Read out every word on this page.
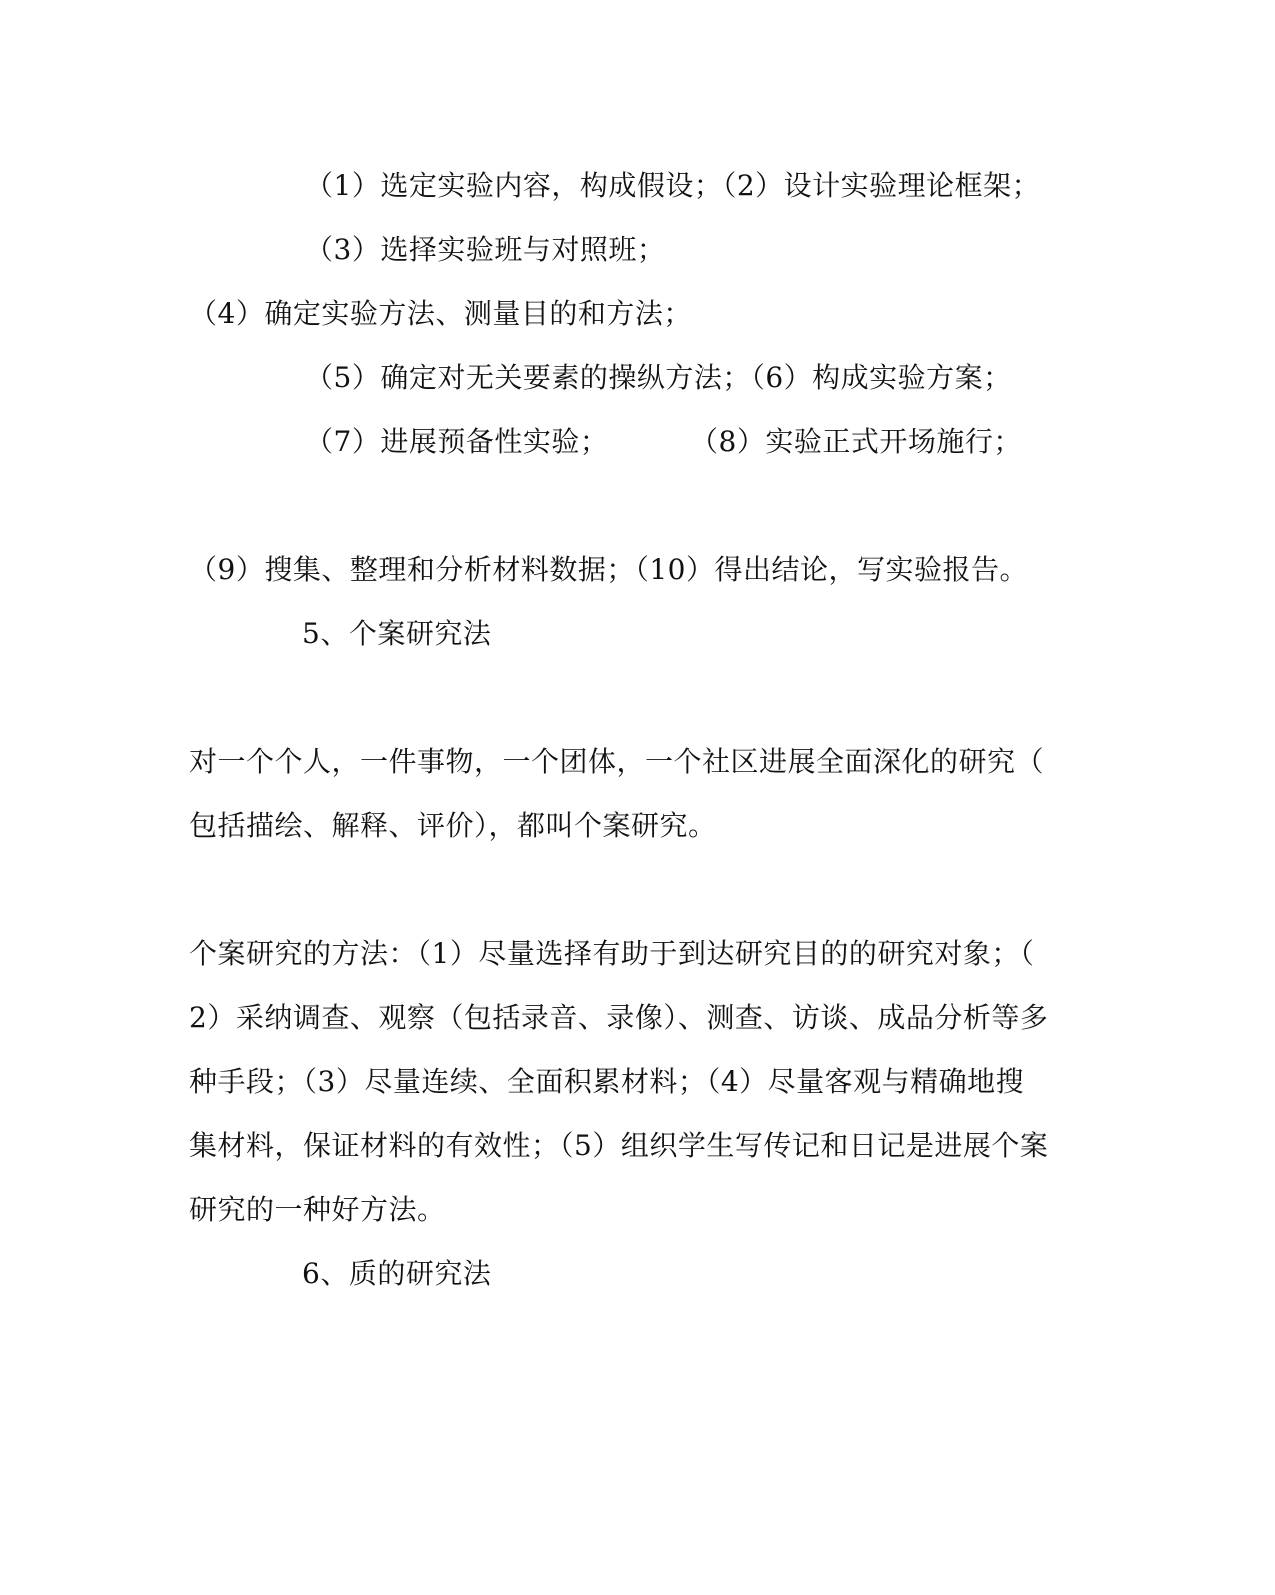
（1）选定实验内容，构成假设；（2）设计实验理论框架；
（3）选择实验班与对照班；
（4）确定实验方法、测量目的和方法；
（5）确定对无关要素的操纵方法；（6）构成实验方案；
（7）进展预备性实验；	（8）实验正式开场施行；
（9）搜集、整理和分析材料数据；（10）得出结论，写实验报告。
5、个案研究法
对一个个人，一件事物，一个团体，一个社区进展全面深化的研究（
包括描绘、解释、评价），都叫个案研究。
个案研究的方法：（1）尽量选择有助于到达研究目的的研究对象；（
2）采纳调查、观察（包括录音、录像）、测查、访谈、成品分析等多
种手段；（3）尽量连续、全面积累材料；（4）尽量客观与精确地搜
集材料，保证材料的有效性；（5）组织学生写传记和日记是进展个案
研究的一种好方法。
6、质的研究法
